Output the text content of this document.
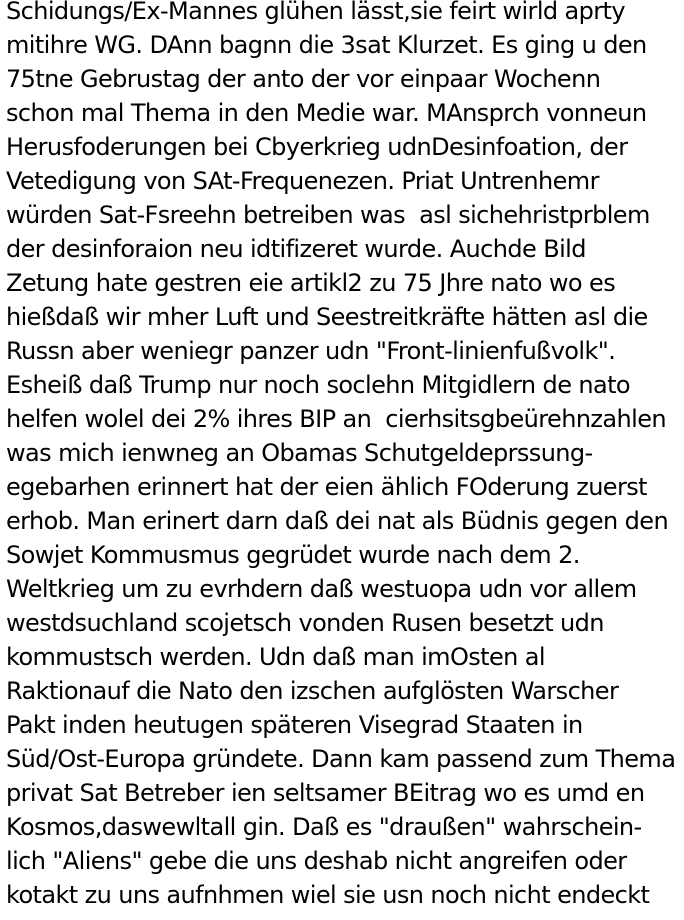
Schidungs/Ex-Mannes glühen lässt,sie feirt wirld aprty
mitihre WG. DAnn bagnn die 3sat Klurzet. Es ging u den
75tne Gebrustag der anto der vor einpaar Wochenn
schon mal Thema in den Medie war. MAnsprch vonneun
Herusfoderungen bei Cbyerkrieg udnDesinfoation, der
Vetedigung von SAt-Frequenezen. Priat Untrenhemr
würden Sat-Fsreehn betreiben was  asl sichehristprblem
der desinforaion neu idtifizeret wurde. Auchde Bild
Zetung hate gestren eie artikl2 zu 75 Jhre nato wo es
hießdaß wir mher Luft und Seestreitkräfte hätten asl die
Russn aber weniegr panzer udn "Front-linienfußvolk".
Esheiß daß Trump nur noch soclehn Mitgidlern de nato
helfen wolel dei 2% ihres BIP an  cierhsitsgbeürehnzahlen
was mich ienwneg an Obamas Schutgeldeprssung-
egebarhen erinnert hat der eien ählich FOderung zuerst
erhob. Man erinert darn daß dei nat als Büdnis gegen den
Sowjet Kommusmus gegrüdet wurde nach dem 2.
Weltkrieg um zu evrhdern daß westuopa udn vor allem
westdsuchland scojetsch vonden Rusen besetzt udn
kommustsch werden. Udn daß man imOsten al
Raktionauf die Nato den izschen aufglösten Warscher
Pakt inden heutugen späteren Visegrad Staaten in
Süd/Ost-Europa gründete. Dann kam passend zum Thema
privat Sat Betreber ien seltsamer BEitrag wo es umd en
Kosmos,daswewltall gin. Daß es "draußen" wahrschein-
lich "Aliens" gebe die uns deshab nicht angreifen oder
kotakt zu uns aufnhmen wiel sie usn noch nicht endeckt
